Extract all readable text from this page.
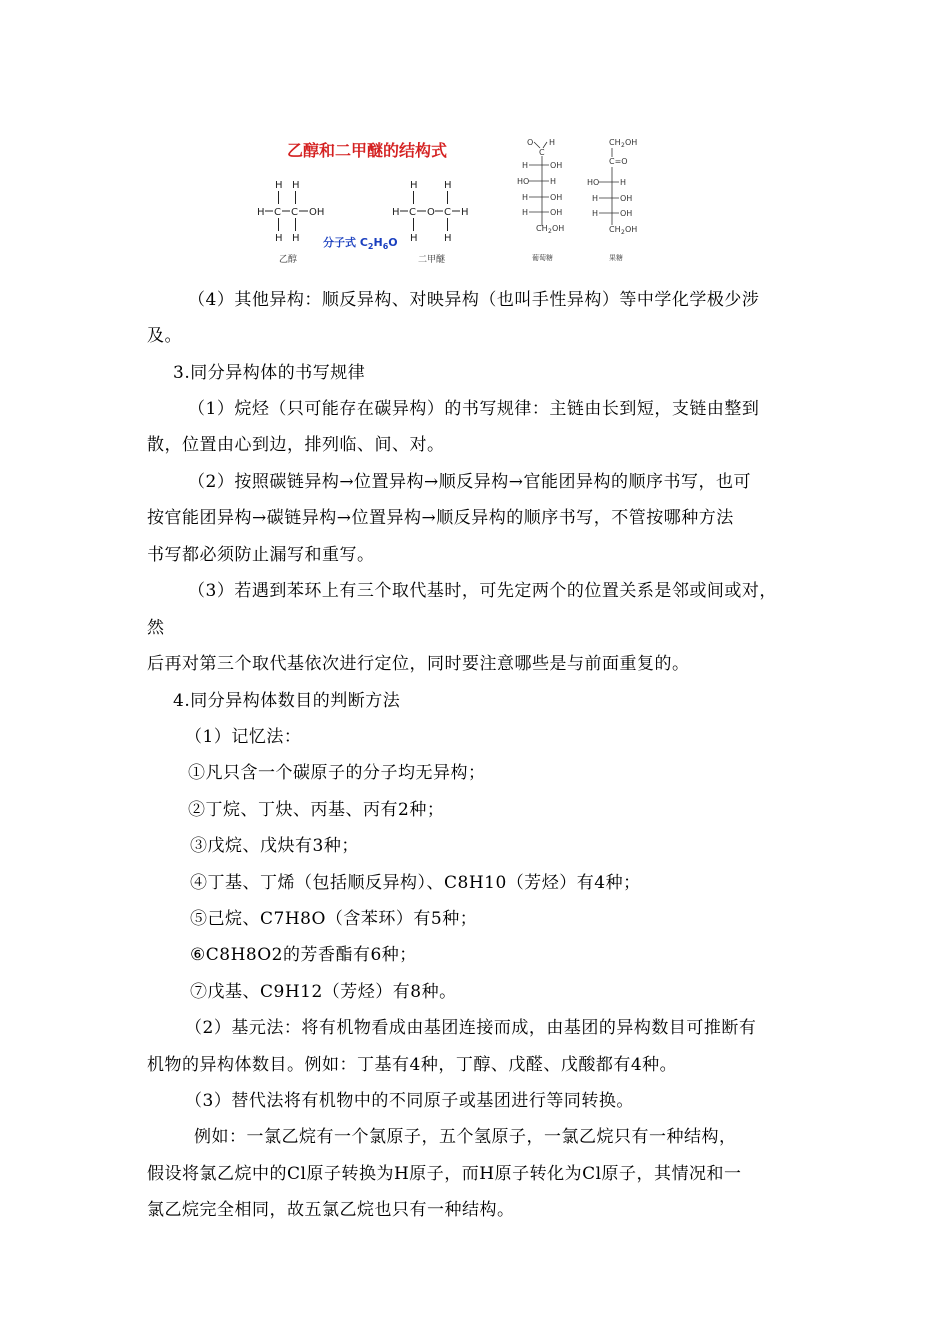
乙醇和二甲醚的结构式
H H
H C C OH
H H
乙醇
分子式 $C_2H_6O$
H	H
H C O C H
H	H
二甲醚
O H
C
H	OH
HO	H
H	OH
H	OH
CH 2 OH
葡萄糖
CH 2 OH
C=O
HO	H
H	OH
H	OH
CH 2 OH
果糖
（4）其他异构：顺反异构、对映异构（也叫手性异构）等中学化学极少涉
及。
3.同分异构体的书写规律
（1）烷烃（只可能存在碳异构）的书写规律：主链由长到短，支链由整到
散，位置由心到边，排列临、间、对。
（2）按照碳链异构→位置异构→顺反异构→官能团异构的顺序书写，也可
按官能团异构→碳链异构→位置异构→顺反异构的顺序书写，不管按哪种方法
书写都必须防止漏写和重写。
（3）若遇到苯环上有三个取代基时，可先定两个的位置关系是邻或间或对，
然
后再对第三个取代基依次进行定位，同时要注意哪些是与前面重复的。
4.同分异构体数目的判断方法
（1）记忆法：
①凡只含一个碳原子的分子均无异构；
②丁烷、丁炔、丙基、丙有2种；
③戊烷、戊炔有3种；
④丁基、丁烯（包括顺反异构）、C8H10（芳烃）有4种；
⑤己烷、C7H8O（含苯环）有5种；
⑥C8H8O2的芳香酯有6种；
⑦戊基、C9H12（芳烃）有8种。
（2）基元法：将有机物看成由基团连接而成，由基团的异构数目可推断有
机物的异构体数目。例如：丁基有4种，丁醇、戊醛、戊酸都有4种。
（3）替代法将有机物中的不同原子或基团进行等同转换。
例如：一氯乙烷有一个氯原子，五个氢原子，一氯乙烷只有一种结构，
假设将氯乙烷中的Cl原子转换为H原子，而H原子转化为Cl原子，其情况和一
氯乙烷完全相同，故五氯乙烷也只有一种结构。
